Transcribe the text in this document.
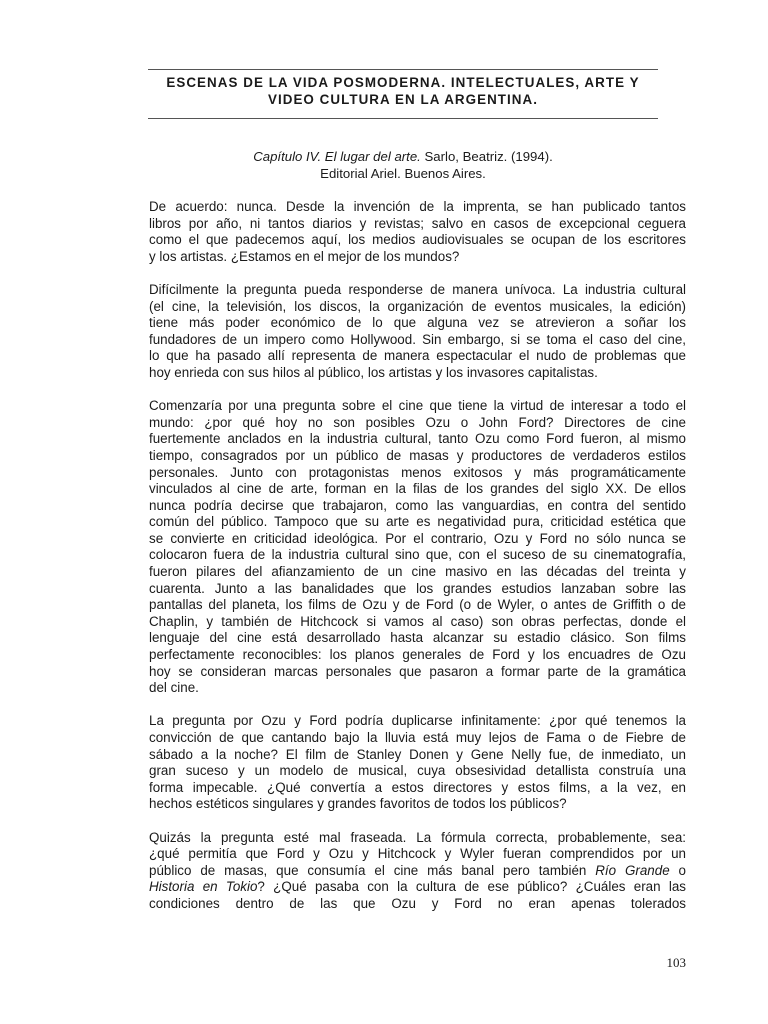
ESCENAS DE LA VIDA POSMODERNA. INTELECTUALES, ARTE Y
VIDEO CULTURA EN LA ARGENTINA.
Capítulo IV. El lugar del arte. Sarlo, Beatriz. (1994).
Editorial Ariel. Buenos Aires.

De acuerdo: nunca. Desde la invención de la imprenta, se han publicado tantos
libros por año, ni tantos diarios y revistas; salvo en casos de excepcional ceguera
como el que padecemos aquí, los medios audiovisuales se ocupan de los escritores
y los artistas. ¿Estamos en el mejor de los mundos?

Difícilmente la pregunta pueda responderse de manera unívoca. La industria cultural
(el cine, la televisión, los discos, la organización de eventos musicales, la edición)
tiene más poder económico de lo que alguna vez se atrevieron a soñar los
fundadores de un impero como Hollywood. Sin embargo, si se toma el caso del cine,
lo que ha pasado allí representa de manera espectacular el nudo de problemas que
hoy enrieda con sus hilos al público, los artistas y los invasores capitalistas.

Comenzaría por una pregunta sobre el cine que tiene la virtud de interesar a todo el
mundo: ¿por qué hoy no son posibles Ozu o John Ford? Directores de cine
fuertemente anclados en la industria cultural, tanto Ozu como Ford fueron, al mismo
tiempo, consagrados por un público de masas y productores de verdaderos estilos
personales. Junto con protagonistas menos exitosos y más programáticamente
vinculados al cine de arte, forman en la filas de los grandes del siglo XX. De ellos
nunca podría decirse que trabajaron, como las vanguardias, en contra del sentido
común del público. Tampoco que su arte es negatividad pura, criticidad estética que
se convierte en criticidad ideológica. Por el contrario, Ozu y Ford no sólo nunca se
colocaron fuera de la industria cultural sino que, con el suceso de su cinematografía,
fueron pilares del afianzamiento de un cine masivo en las décadas del treinta y
cuarenta. Junto a las banalidades que los grandes estudios lanzaban sobre las
pantallas del planeta, los films de Ozu y de Ford (o de Wyler, o antes de Griffith o de
Chaplin, y también de Hitchcock si vamos al caso) son obras perfectas, donde el
lenguaje del cine está desarrollado hasta alcanzar su estadio clásico. Son films
perfectamente reconocibles: los planos generales de Ford y los encuadres de Ozu
hoy se consideran marcas personales que pasaron a formar parte de la gramática
del cine.

La pregunta por Ozu y Ford podría duplicarse infinitamente: ¿por qué tenemos la
convicción de que cantando bajo la lluvia está muy lejos de Fama o de Fiebre de
sábado a la noche? El film de Stanley Donen y Gene Nelly fue, de inmediato, un
gran suceso y un modelo de musical, cuya obsesividad detallista construía una
forma impecable. ¿Qué convertía a estos directores y estos films, a la vez, en
hechos estéticos singulares y grandes favoritos de todos los públicos?

Quizás la pregunta esté mal fraseada. La fórmula correcta, probablemente, sea:
¿qué permitía que Ford y Ozu y Hitchcock y Wyler fueran comprendidos por un
público de masas, que consumía el cine más banal pero también Río Grande o
Historia en Tokio? ¿Qué pasaba con la cultura de ese público? ¿Cuáles eran las
condiciones dentro de las que Ozu y Ford no eran apenas tolerados

103
